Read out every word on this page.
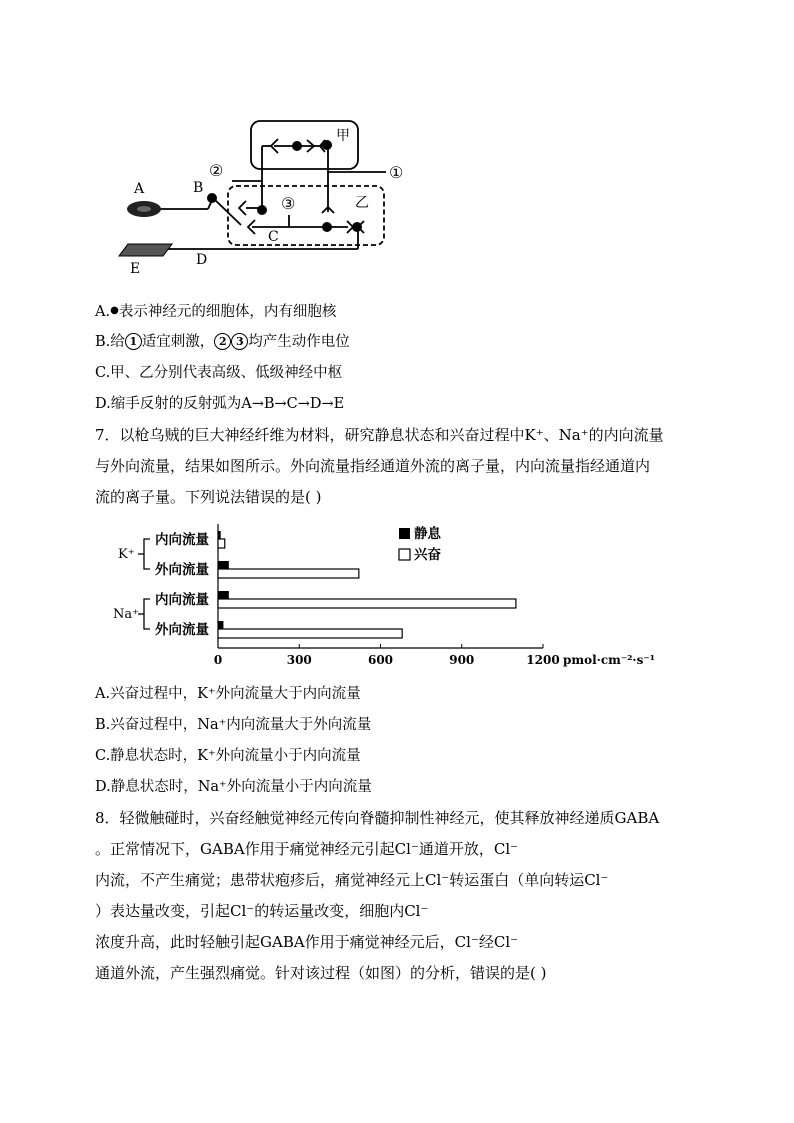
A	B
C
D
E
甲
乙
②	①
③
A.●表示神经元的细胞体，内有细胞核
B.给 1 适宜刺激， 2 3 均产生动作电位
C.甲、乙分别代表高级、低级神经中枢
D.缩手反射的反射弧为A→B→C→D→E
7．以枪乌贼的巨大神经纤维为材料，研究静息状态和兴奋过程中K⁺、Na⁺的内向流量
与外向流量，结果如图所示。外向流量指经通道外流的离子量，内向流量指经通道内
流的离子量。下列说法错误的是( )
K⁺
Na⁺
内向流量
外向流量
内向流量
外向流量
静息
兴奋
0	300	600	900	1200 pmol·cm⁻²·s⁻¹
A.兴奋过程中，K⁺外向流量大于内向流量
B.兴奋过程中，Na⁺内向流量大于外向流量
C.静息状态时，K⁺外向流量小于内向流量
D.静息状态时，Na⁺外向流量小于内向流量
8．轻微触碰时，兴奋经触觉神经元传向脊髓抑制性神经元，使其释放神经递质GABA
。正常情况下，GABA作用于痛觉神经元引起Cl⁻通道开放，Cl⁻
内流，不产生痛觉；患带状疱疹后，痛觉神经元上Cl⁻转运蛋白（单向转运Cl⁻
）表达量改变，引起Cl⁻的转运量改变，细胞内Cl⁻
浓度升高，此时轻触引起GABA作用于痛觉神经元后，Cl⁻经Cl⁻
通道外流，产生强烈痛觉。针对该过程（如图）的分析，错误的是( )
